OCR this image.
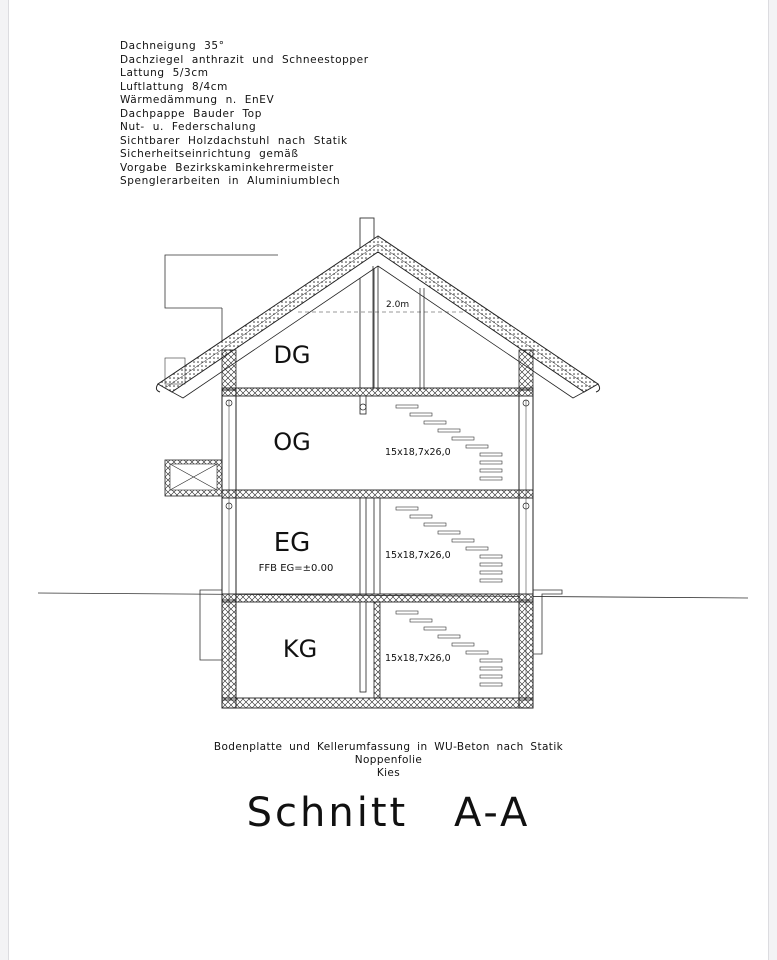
Dachneigung 35°
Dachziegel anthrazit und Schneestopper
Lattung 5/3cm
Luftlattung 8/4cm
Wärmedämmung n. EnEV
Dachpappe Bauder Top
Nut- u. Federschalung
Sichtbarer Holzdachstuhl nach Statik
Sicherheitseinrichtung gemäß
Vorgabe Bezirkskaminkehrermeister
Spenglerarbeiten in Aluminiumblech
DG
OG
EG
FFB EG=±0.00
KG
2.0m
15x18,7x26,0
15x18,7x26,0
15x18,7x26,0
Bodenplatte und Kellerumfassung in WU-Beton nach Statik
Noppenfolie
Kies
Schnitt A-A
